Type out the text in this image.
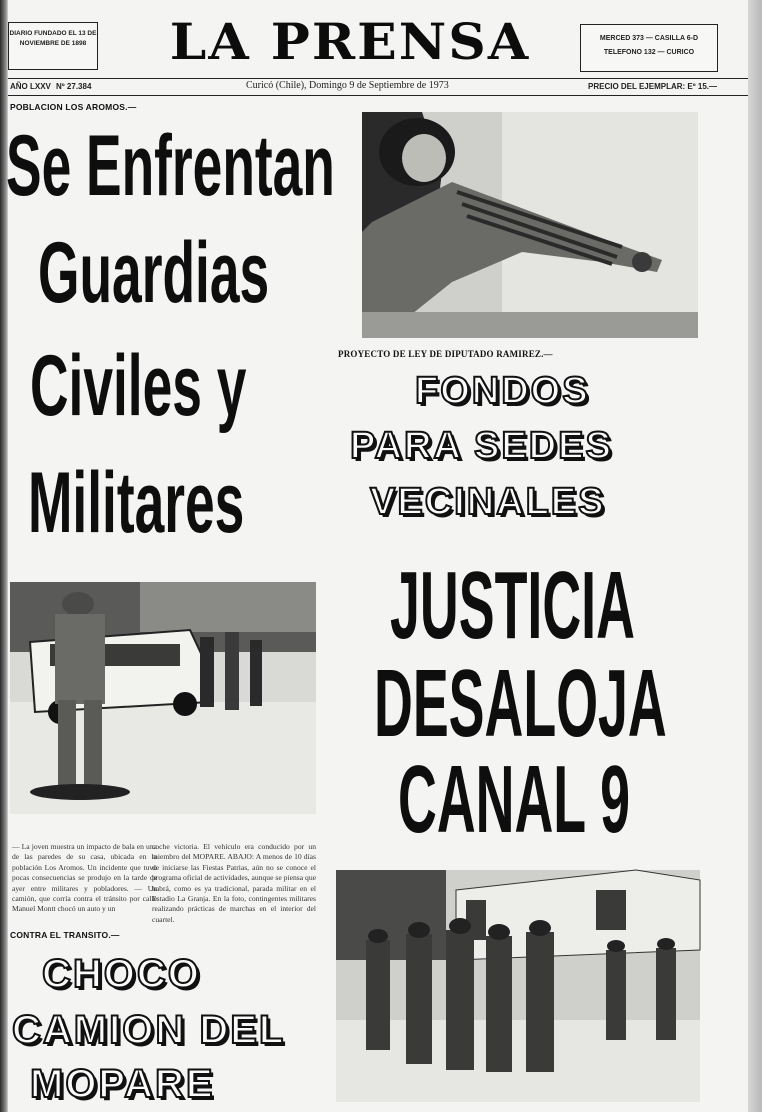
DIARIO FUNDADO EL 13 DE
NOVIEMBRE DE 1898	LA PRENSA	MERCED 373 — CASILLA 6-D
TELEFONO 132 — CURICO
AÑO LXXV Nº 27.384	Curicó (Chile), Domingo 9 de Septiembre de 1973	PRECIO DEL EJEMPLAR: Eº 15.—
POBLACION LOS AROMOS.—
Se Enfrentan
Guardias
Civiles y
Militares
PROYECTO DE LEY DE DIPUTADO RAMIREZ.—
FONDOS
PARA SEDES
VECINALES
JUSTICIA
DESALOJA
CANAL 9
— La joven muestra un impacto de bala en una de las paredes de su casa, ubicada en la población Los Aromos. Un incidente que tuvo pocas consecuencias se produjo en la tarde de ayer entre militares y pobladores. — Un camión, que corría contra el tránsito por calle Manuel Montt chocó un auto y un
coche victoria. El vehículo era conducido por un miembro del MOPARE. ABAJO: A menos de 10 días de iniciarse las Fiestas Patrias, aún no se conoce el programa oficial de actividades, aunque se piensa que habrá, como es ya tradicional, parada militar en el Estadio La Granja. En la foto, contingentes militares realizando prácticas de marchas en el interior del cuartel.
CONTRA EL TRANSITO.—
CHOCO
CAMION DEL
MOPARE
